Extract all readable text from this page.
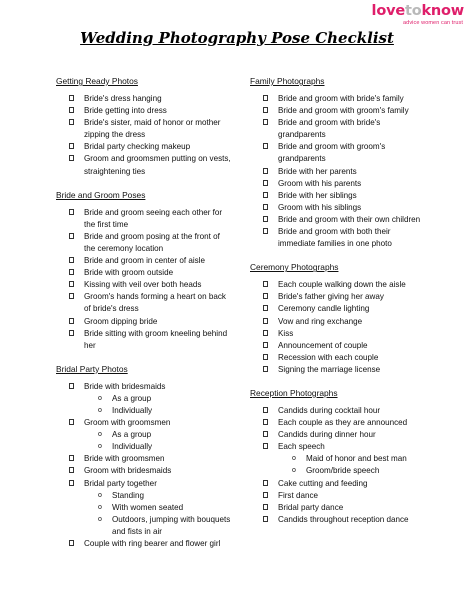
lovetoknow
advice women can trust
Wedding Photography Pose Checklist
Getting Ready Photos
Bride's dress hanging
Bride getting into dress
Bride's sister, maid of honor or mother zipping the dress
Bridal party checking makeup
Groom and groomsmen putting on vests, straightening ties
Bride and Groom Poses
Bride and groom seeing each other for the first time
Bride and groom posing at the front of the ceremony location
Bride and groom in center of aisle
Bride with groom outside
Kissing with veil over both heads
Groom's hands forming a heart on back of bride's dress
Groom dipping bride
Bride sitting with groom kneeling behind her
Bridal Party Photos
Bride with bridesmaids
o As a group
o Individually
Groom with groomsmen
o As a group
o Individually
Bride with groomsmen
Groom with bridesmaids
Bridal party together
o Standing
o With women seated
o Outdoors, jumping with bouquets and fists in air
Couple with ring bearer and flower girl
Family Photographs
Bride and groom with bride's family
Bride and groom with groom's family
Bride and groom with bride's grandparents
Bride and groom with groom's grandparents
Bride with her parents
Groom with his parents
Bride with her siblings
Groom with his siblings
Bride and groom with their own children
Bride and groom with both their immediate families in one photo
Ceremony Photographs
Each couple walking down the aisle
Bride's father giving her away
Ceremony candle lighting
Vow and ring exchange
Kiss
Announcement of couple
Recession with each couple
Signing the marriage license
Reception Photographs
Candids during cocktail hour
Each couple as they are announced
Candids during dinner hour
Each speech
o Maid of honor and best man
o Groom/bride speech
Cake cutting and feeding
First dance
Bridal party dance
Candids throughout reception dance
